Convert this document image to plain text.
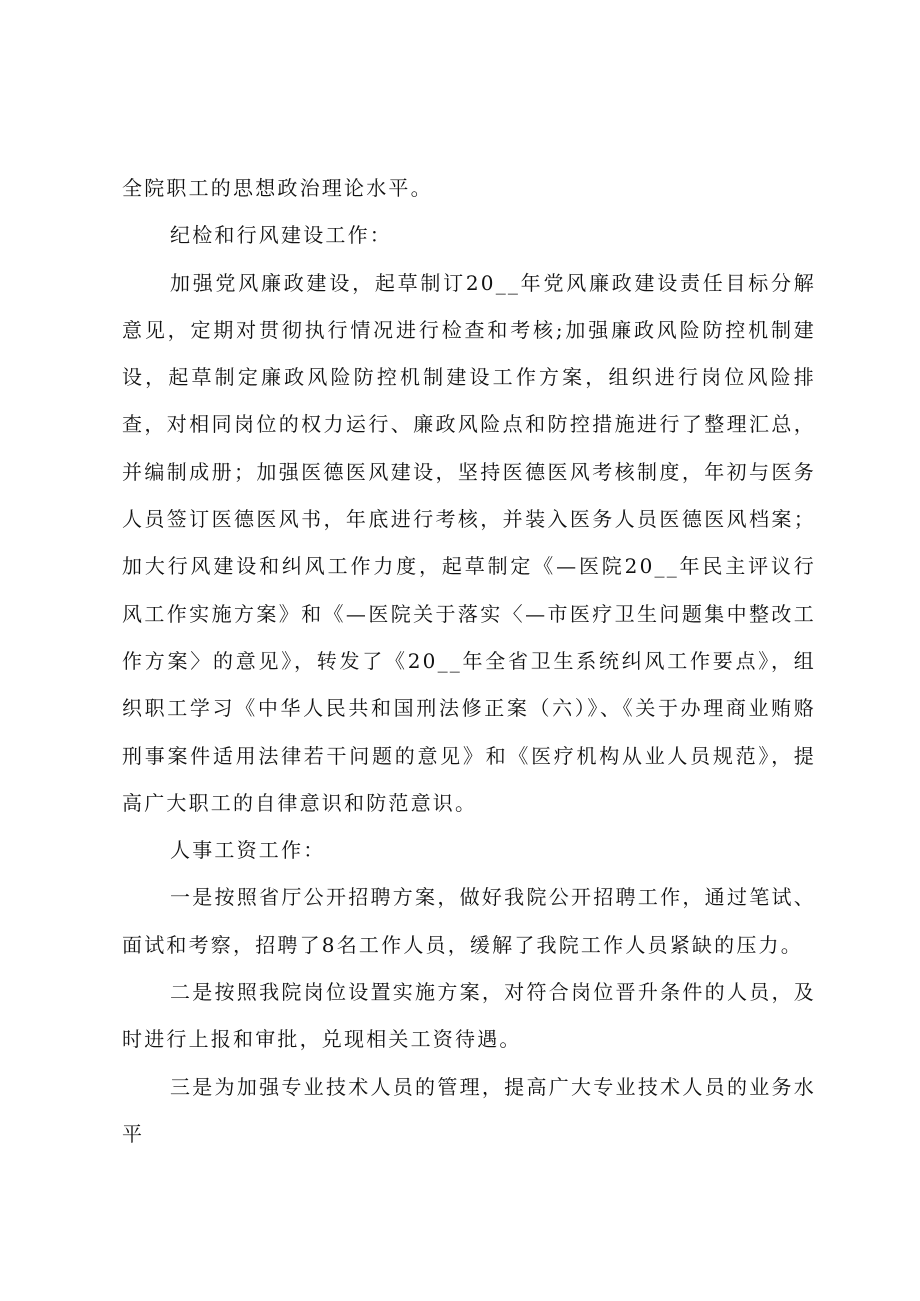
全院职工的思想政治理论水平。

纪检和行风建设工作：

加强党风廉政建设，起草制订20__年党风廉政建设责任目标分解意见，定期对贯彻执行情况进行检查和考核;加强廉政风险防控机制建设，起草制定廉政风险防控机制建设工作方案，组织进行岗位风险排查，对相同岗位的权力运行、廉政风险点和防控措施进行了整理汇总，并编制成册；加强医德医风建设，坚持医德医风考核制度，年初与医务人员签订医德医风书，年底进行考核，并装入医务人员医德医风档案；加大行风建设和纠风工作力度，起草制定《—医院20__年民主评议行风工作实施方案》和《—医院关于落实〈—市医疗卫生问题集中整改工作方案〉的意见》，转发了《20__年全省卫生系统纠风工作要点》，组织职工学习《中华人民共和国刑法修正案（六）》、《关于办理商业贿赂刑事案件适用法律若干问题的意见》和《医疗机构从业人员规范》，提高广大职工的自律意识和防范意识。

人事工资工作：

一是按照省厅公开招聘方案，做好我院公开招聘工作，通过笔试、面试和考察，招聘了8名工作人员，缓解了我院工作人员紧缺的压力。

二是按照我院岗位设置实施方案，对符合岗位晋升条件的人员，及时进行上报和审批，兑现相关工资待遇。

三是为加强专业技术人员的管理，提高广大专业技术人员的业务水平
